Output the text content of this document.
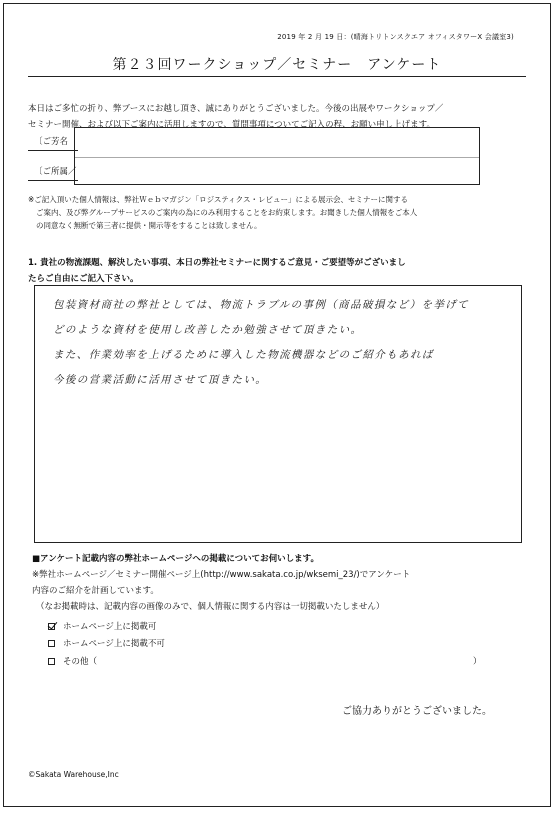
2019 年 2 月 19 日：(晴海トリトンスクエア オフィスタワーX 会議室3)
第２３回ワークショップ／セミナー　アンケート
本日はご多忙の折り、弊ブースにお越し頂き、誠にありがとうございました。今後の出展やワークショップ／
セミナー開催、および以下ご案内に活用しますので、質問事項についてご記入の程、お願い申し上げます。
〔ご芳名
〔ご所属／
※ご記入頂いた個人情報は、弊社Ｗｅｂマガジン「ロジスティクス・レビュー」による展示会、セミナーに関する
ご案内、及び弊グループサービスのご案内の為にのみ利用することをお約束します。お聞きした個人情報をご本人
の同意なく無断で第三者に提供・開示等をすることは致しません。
1. 貴社の物流課題、解決したい事項、本日の弊社セミナーに関するご意見・ご要望等がございまし
たらご自由にご記入下さい。
包装資材商社の弊社としては、物流トラブルの事例（商品破損など）を挙げて
どのような資材を使用し改善したか勉強させて頂きたい。
また、作業効率を上げるために導入した物流機器などのご紹介もあれば
今後の営業活動に活用させて頂きたい。
■アンケート記載内容の弊社ホームページへの掲載についてお伺いします。
※弊社ホームページ／セミナー開催ページ上(http://www.sakata.co.jp/wksemi_23/)でアンケート
内容のご紹介を計画しています。
（なお掲載時は、記載内容の画像のみで、個人情報に関する内容は一切掲載いたしません）
ホームページ上に掲載可
ホームページ上に掲載不可
その他（	）
ご協力ありがとうございました。
©Sakata Warehouse,Inc
